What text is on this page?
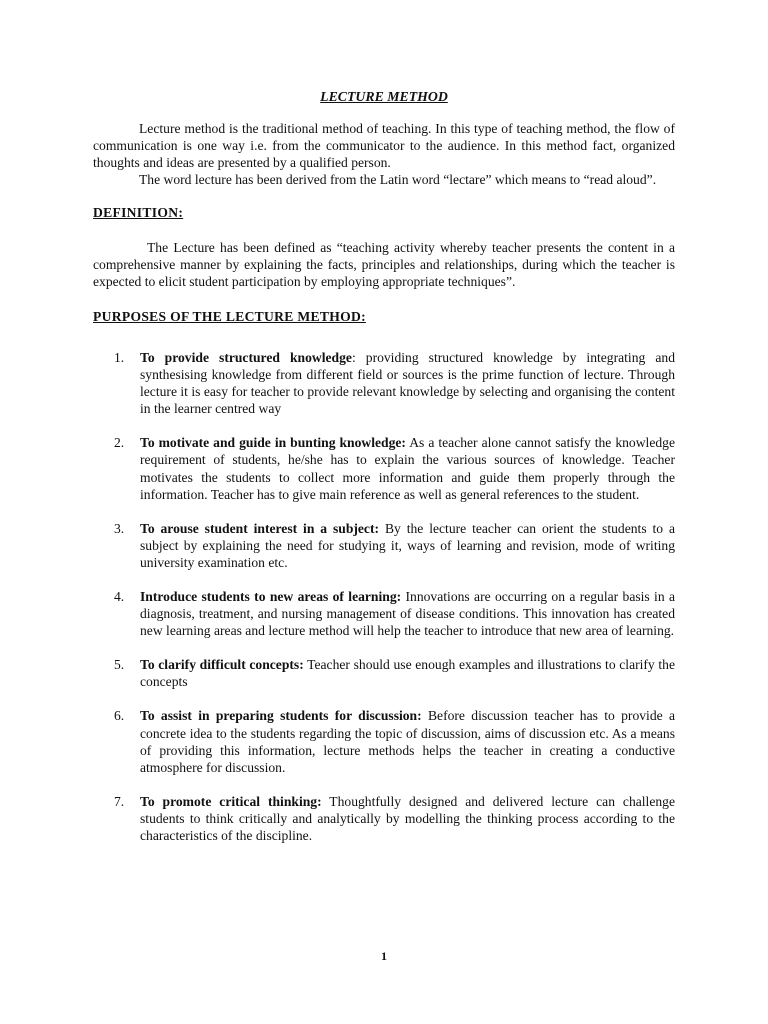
LECTURE METHOD

Lecture method is the traditional method of teaching. In this type of teaching method, the flow of communication is one way i.e. from the communicator to the audience. In this method fact, organized thoughts and ideas are presented by a qualified person.

The word lecture has been derived from the Latin word “lectare” which means to “read aloud”.

DEFINITION:

The Lecture has been defined as “teaching activity whereby teacher presents the content in a comprehensive manner by explaining the facts, principles and relationships, during which the teacher is expected to elicit student participation by employing appropriate techniques”.

PURPOSES OF THE LECTURE METHOD:
1. To provide structured knowledge: providing structured knowledge by integrating and synthesising knowledge from different field or sources is the prime function of lecture. Through lecture it is easy for teacher to provide relevant knowledge by selecting and organising the content in the learner centred way
2. To motivate and guide in bunting knowledge: As a teacher alone cannot satisfy the knowledge requirement of students, he/she has to explain the various sources of knowledge. Teacher motivates the students to collect more information and guide them properly through the information. Teacher has to give main reference as well as general references to the student.
3. To arouse student interest in a subject: By the lecture teacher can orient the students to a subject by explaining the need for studying it, ways of learning and revision, mode of writing university examination etc.
4. Introduce students to new areas of learning: Innovations are occurring on a regular basis in a diagnosis, treatment, and nursing management of disease conditions. This innovation has created new learning areas and lecture method will help the teacher to introduce that new area of learning.
5. To clarify difficult concepts: Teacher should use enough examples and illustrations to clarify the concepts
6. To assist in preparing students for discussion: Before discussion teacher has to provide a concrete idea to the students regarding the topic of discussion, aims of discussion etc. As a means of providing this information, lecture methods helps the teacher in creating a conductive atmosphere for discussion.
7. To promote critical thinking: Thoughtfully designed and delivered lecture can challenge students to think critically and analytically by modelling the thinking process according to the characteristics of the discipline.
1
